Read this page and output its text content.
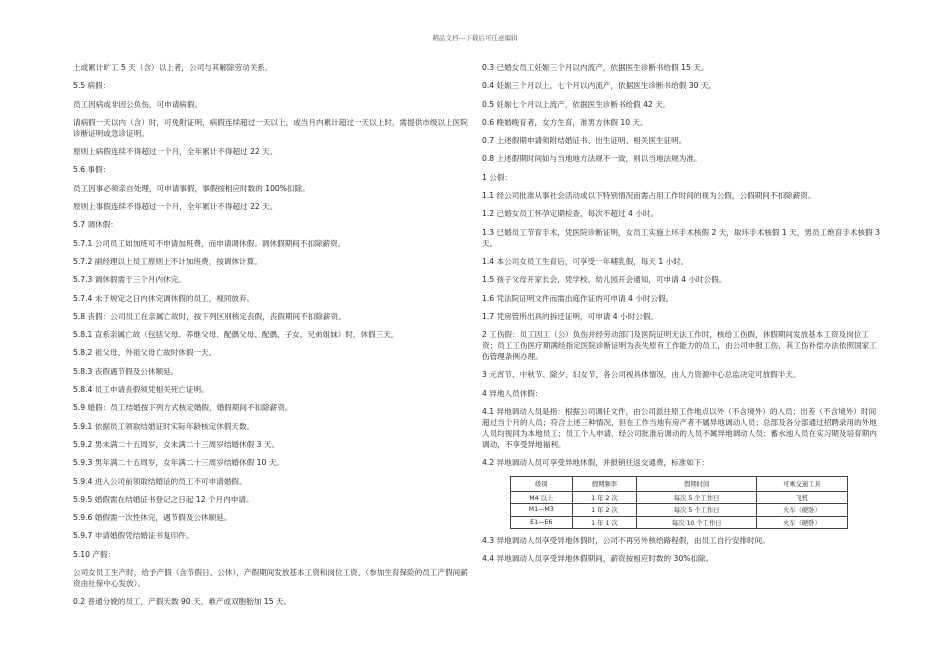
精品文档---下载后可任意编辑

上或累计旷工 5 天（含）以上者，公司与其解除劳动关系。

5.5 病假：

员工因病或非因公负伤，可申请病假。

请病假一天以内（含）时，可免附证明，病假连续超过一天以上，或当月内累计超过一天以上时，需提供市级以上医院诊断证明或急诊证明。

原则上病假连续不得超过一个月，全年累计不得超过 22 天。

5.6 事假：

员工因事必须亲自处理，可申请事假，事假按相应时数的 100%扣除。

原则上事假连续不得超过一个月，全年累计不得超过 22 天。

5.7 调休假：

5.7.1 公司员工如加班可不申请加班费，而申请调休假。调休假期间不扣除薪资。

5.7.2 副经理以上员工原则上不计加班费，按调休计算。

5.7.3 调休假需于三个月内休完。

5.7.4 未于规定之日内休完调休假的员工，视同放弃。

5.8 丧假：公司员工在亲属亡故时，按下列区别核定丧假，丧假期间不扣除薪资。

5.8.1 直系亲属亡故（包括父母、养继父母、配偶父母、配偶、子女、兄弟姐妹）时，休假三天。

5.8.2 祖父母、外祖父母亡故时休假一天。

5.8.3 丧假遇节假及公休顺延。

5.8.4 员工申请丧假须凭相关死亡证明。

5.9 婚假：员工结婚按下列方式核定婚假，婚假期间不扣除薪资。

5.9.1 依据员工领取结婚证时实际年龄核定休假天数。

5.9.2 男未满二十五周岁，女未满二十三周岁结婚休假 3 天。

5.9.3 男年满二十五周岁，女年满二十三周岁结婚休假 10 天。

5.9.4 进入公司前领取结婚证的员工不可申请婚假。

5.9.5 婚假需在结婚证书登记之日起 12 个月内申请。

5.9.6 婚假需一次性休完，遇节假及公休顺延。

5.9.7 申请婚假凭结婚证书复印件。

5.10 产假：

公司女员工生产时，给予产假（含节假日、公休），产假期间发放基本工资和岗位工资。（参加生育保险的员工产假间薪资由社保中心发放）。

0.2 普通分娩的员工，产假天数 90 天，难产或双胞胎加 15 天。

0.3 已婚女员工妊娠三个月以内流产，依据医生诊断书给假 15 天。

0.4 妊娠三个月以上，七个月以内流产，依据医生诊断书给假 30 天。

0.5 妊娠七个月以上流产，依据医生诊断书给假 42 天。

0.6 晚婚晚育者，女方生育，准男方休假 10 天。

0.7 上述假期申请须附结婚证书、出生证明、相关医生证明。

0.8 上述假期时间如与当地地方法规不一致，则以当地法规为准。

1 公假：

1.1 经公司批准从事社会活动或以下特别情况而需占用工作时间的视为公假，公假期间不扣除薪资。

1.2 已婚女员工怀孕定期检查，每次不超过 4 小时。

1.3 已婚员工节育手术，凭医院诊断证明，女员工实施上环手术核假 2 天，取环手术核假 1 天，男员工绝育手术核假 3 天。

1.4 本公司女员工生育后，可享受一年哺乳假，每天 1 小时。

1.5 孩子父母开家长会，凭学校、幼儿园开会通知，可申请 4 小时公假。

1.6 凭法院证明文件而需出庭作证的可申请 4 小时公假。

1.7 凭房管所出具的拆迁证明，可申请 4 小时公假。

2 工伤假：员工因工（公）负伤并经劳动部门及医院证明无法工作时，核给工伤假，休假期间发放基本工资及岗位工资；员工工伤医疗期满经指定医院诊断证明为丧失原有工作能力的员工，由公司申报工伤，其工伤补偿办法依照国家工伤管理条例办理。

3 元宵节、中秋节、除夕、妇女节，各公司视具体情况，由人力资源中心总监决定可放假半天。

4 异地人员休假：

4.1 异地调动人员是指：根据公司调任文件，由公司派往原工作地点以外（不含境外）的人员；出差（不含境外）时间超过当个月的人员；符合上述三种情况，但在工作当地有房产者不属异地调动人员；总部及各分部通过招聘录用的外地人员均视同为本地员工；员工个人申请，经公司批准后调动的人员不属异地调动人员；蓄水池人员在实习期及培育期内调动，不享受异地福利。

4.2 异地调动人员可享受异地休假，并报销往返交通费，标准如下：

级别	假期频率	假期时间	可乘交通工具
M4 以上	1 年 2 次	每次 5 个工作日	飞机
M1—M3	1 年 2 次	每次 5 个工作日	火车（硬卧）
E1—E6	1 年 1 次	每次 10 个工作日	火车（硬卧）

4.3 异地调动人员享受异地休假时，公司不再另外核给路程假，由员工自行安排时间。

4.4 异地调动人员享受异地休假期间，薪资按相应时数的 30%扣除。
